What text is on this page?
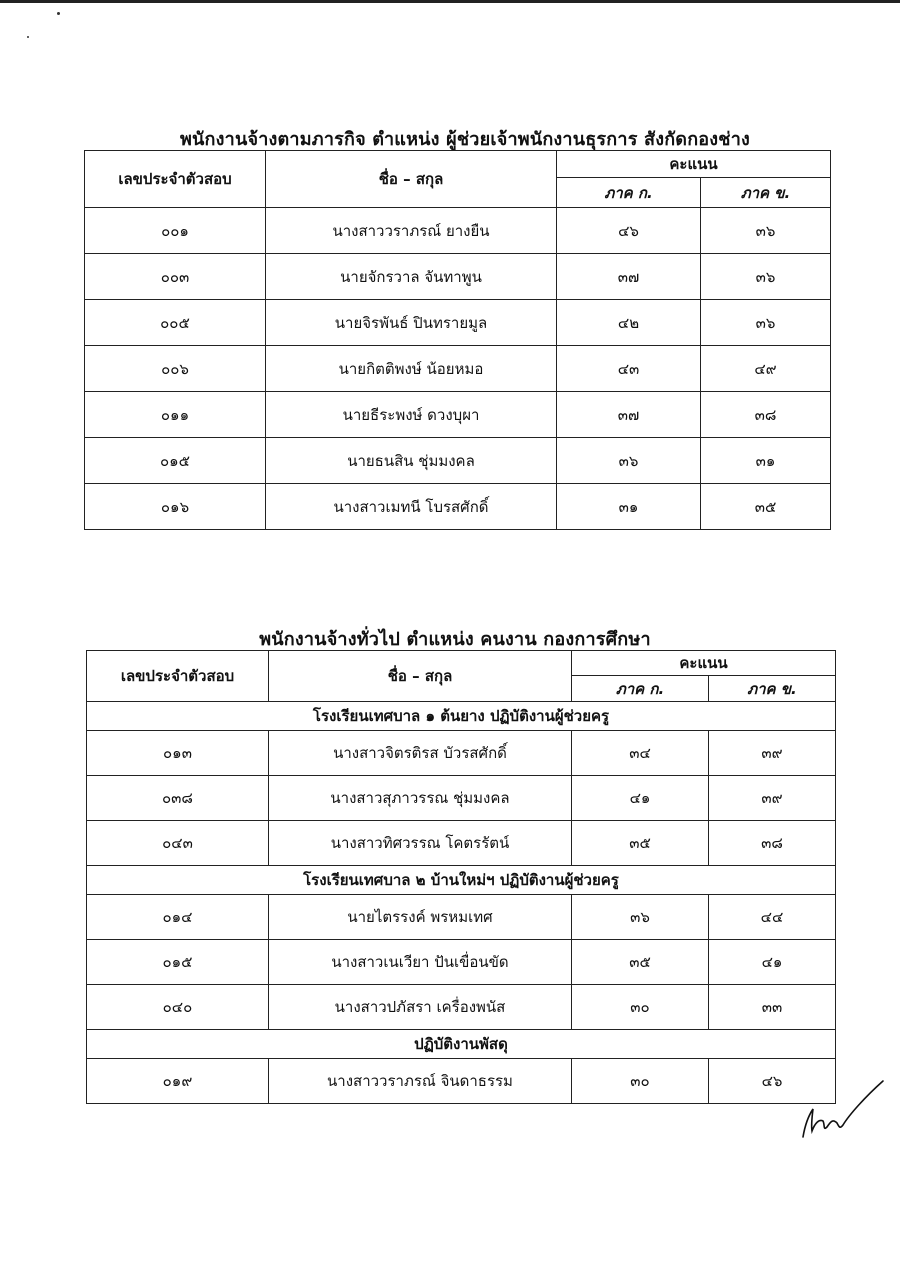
พนักงานจ้างตามภารกิจ ตำแหน่ง ผู้ช่วยเจ้าพนักงานธุรการ สังกัดกองช่าง
เลขประจำตัวสอบ	ชื่อ – สกุล	คะแนน	
		ภาค ก.	ภาค ข.
๐๐๑	นางสาววราภรณ์ ยางยืน	๔๖	๓๖
๐๐๓	นายจักรวาล จันทาพูน	๓๗	๓๖
๐๐๕	นายจิรพันธ์ ปินทรายมูล	๔๒	๓๖
๐๐๖	นายกิตติพงษ์ น้อยหมอ	๔๓	๔๙
๐๑๑	นายธีระพงษ์ ดวงบุผา	๓๗	๓๘
๐๑๕	นายธนสิน ชุ่มมงคล	๓๖	๓๑
๐๑๖	นางสาวเมทนี โบรสศักดิ์	๓๑	๓๕
พนักงานจ้างทั่วไป ตำแหน่ง คนงาน กองการศึกษา
เลขประจำตัวสอบ	ชื่อ – สกุล	คะแนน	
		ภาค ก.	ภาค ข.
โรงเรียนเทศบาล ๑ ต้นยาง ปฏิบัติงานผู้ช่วยครู			
๐๑๓	นางสาวจิตรติรส บัวรสศักดิ์	๓๔	๓๙
๐๓๘	นางสาวสุภาวรรณ ชุ่มมงคล	๔๑	๓๙
๐๔๓	นางสาวทิศวรรณ โคตรรัตน์	๓๕	๓๘
โรงเรียนเทศบาล ๒ บ้านใหม่ฯ ปฏิบัติงานผู้ช่วยครู			
๐๑๔	นายไตรรงค์ พรหมเทศ	๓๖	๔๔
๐๑๕	นางสาวเนเวียา ปันเขื่อนขัด	๓๕	๔๑
๐๔๐	นางสาวปภัสรา เครื่องพนัส	๓๐	๓๓
ปฏิบัติงานพัสดุ			
๐๑๙	นางสาววราภรณ์ จินดาธรรม	๓๐	๔๖
